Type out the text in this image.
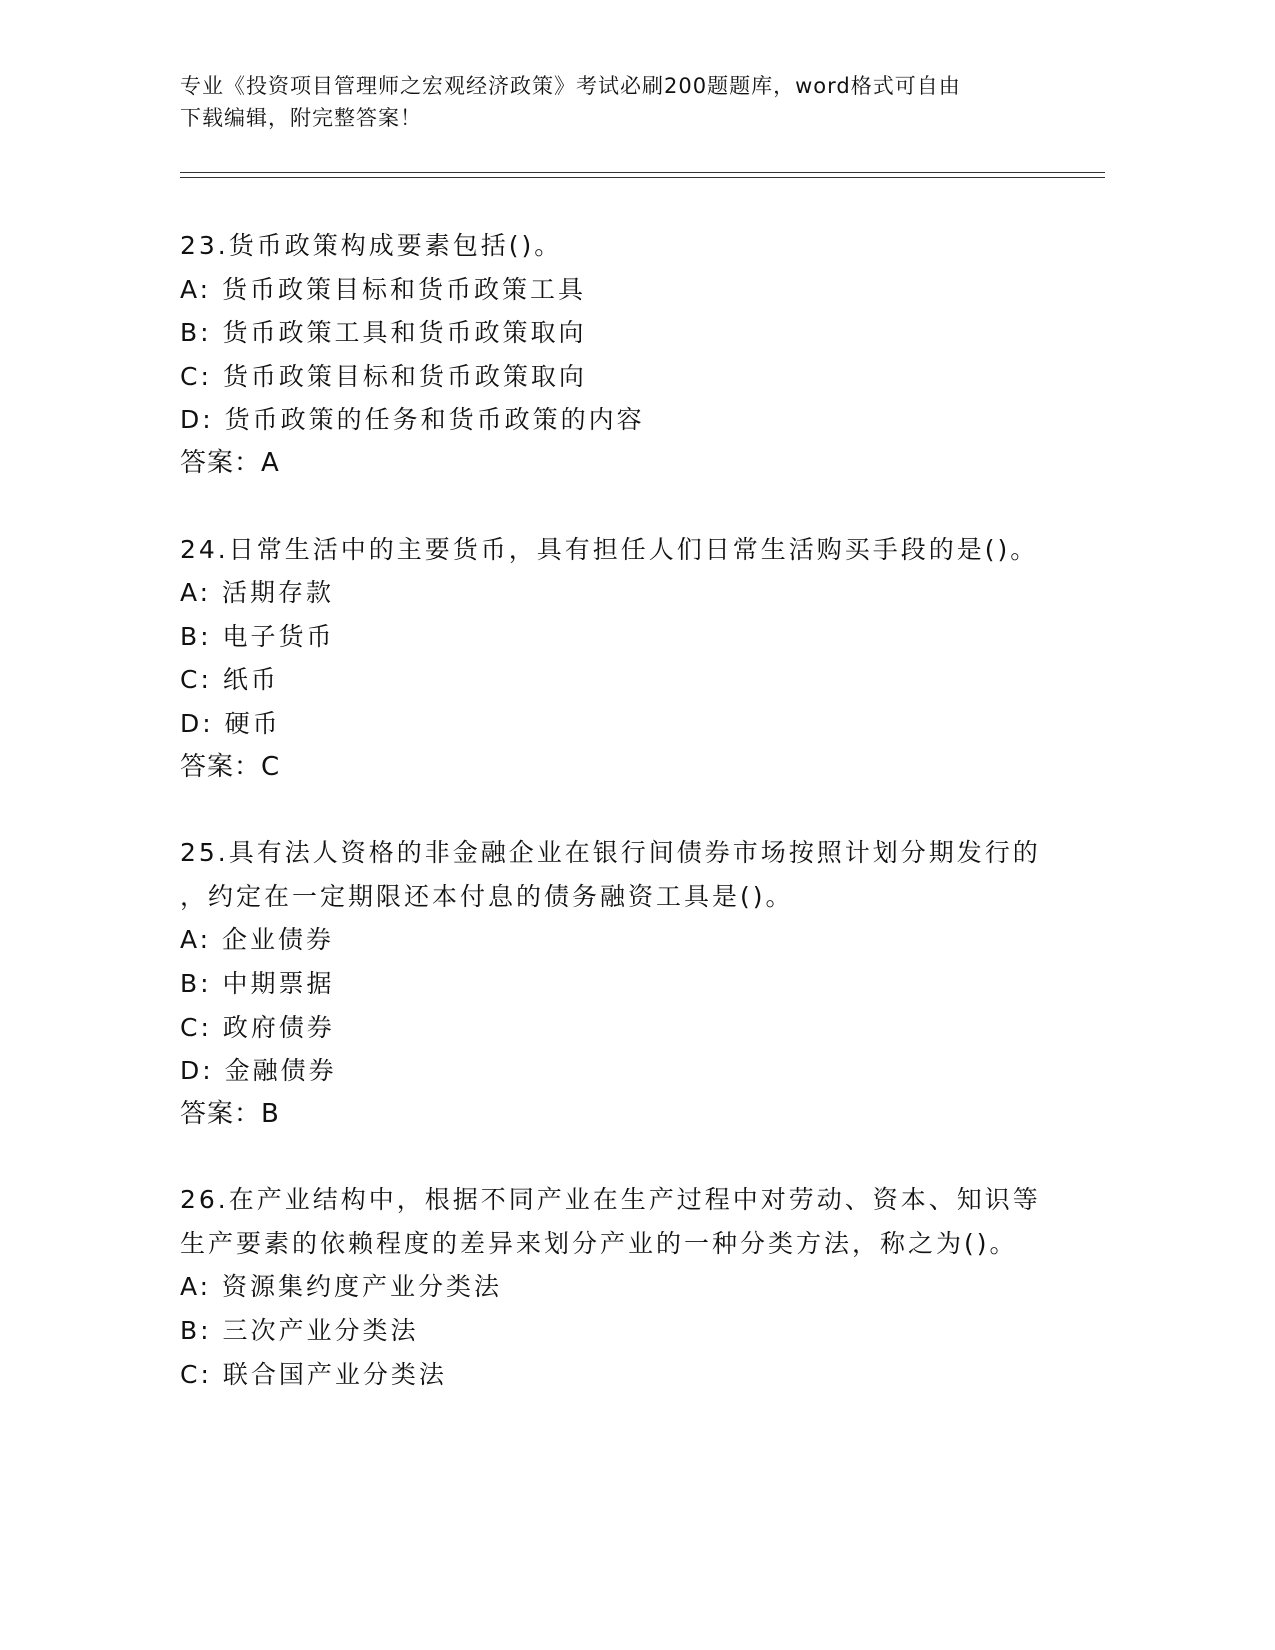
专业《投资项目管理师之宏观经济政策》考试必刷200题题库，word格式可自由
下载编辑，附完整答案！
23.货币政策构成要素包括()。
A: 货币政策目标和货币政策工具
B: 货币政策工具和货币政策取向
C: 货币政策目标和货币政策取向
D: 货币政策的任务和货币政策的内容
答案：A
24.日常生活中的主要货币，具有担任人们日常生活购买手段的是()。
A: 活期存款
B: 电子货币
C: 纸币
D: 硬币
答案：C
25.具有法人资格的非金融企业在银行间债券市场按照计划分期发行的
，约定在一定期限还本付息的债务融资工具是()。
A: 企业债券
B: 中期票据
C: 政府债券
D: 金融债券
答案：B
26.在产业结构中，根据不同产业在生产过程中对劳动、资本、知识等
生产要素的依赖程度的差异来划分产业的一种分类方法，称之为()。
A: 资源集约度产业分类法
B: 三次产业分类法
C: 联合国产业分类法
